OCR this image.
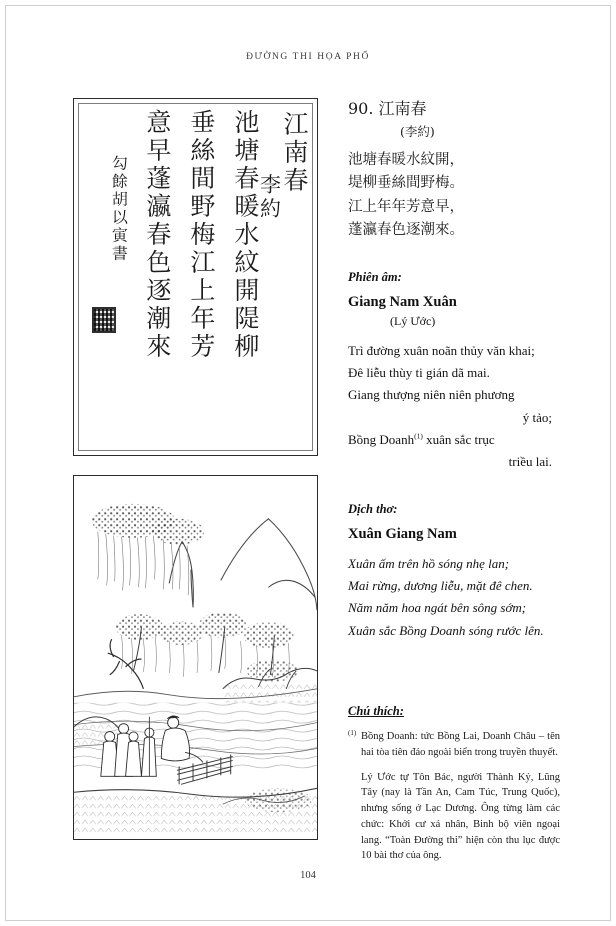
ĐƯỜNG THI HỌA PHỔ
江南春
李約
池塘春暖水紋開隄柳
垂絲間野梅江上年芳
意早蓬瀛春色逐潮來
勾餘胡以寅書
90. 江南春
(李約)
池塘春暖水紋開，
堤柳垂絲間野梅。
江上年年芳意早，
蓬瀛春色逐潮來。
Phiên âm:
Giang Nam Xuân
(Lý Ước)
Trì đường xuân noãn thủy văn khai;
Đê liễu thùy ti gián dã mai.
Giang thượng niên niên phương
ý tảo;
Bồng Doanh$^{(1)}$ xuân sắc trục
triều lai.
Dịch thơ:
Xuân Giang Nam
Xuân ấm trên hồ sóng nhẹ lan;
Mai rừng, dương liễu, mặt đê chen.
Năm năm hoa ngát bên sông sớm;
Xuân sắc Bồng Doanh sóng rước lên.
Chú thích:
(1) Bồng Doanh: tức Bồng Lai, Doanh Châu – tên hai tòa tiên đảo ngoài biển trong truyền thuyết.
Lý Ước tự Tôn Bác, người Thành Kỷ, Lũng Tây (nay là Tần An, Cam Túc, Trung Quốc), nhưng sống ở Lạc Dương. Ông từng làm các chức: Khởi cư xá nhân, Binh bộ viên ngoại lang. “Toàn Đường thi” hiện còn thu lục được 10 bài thơ của ông.
104
